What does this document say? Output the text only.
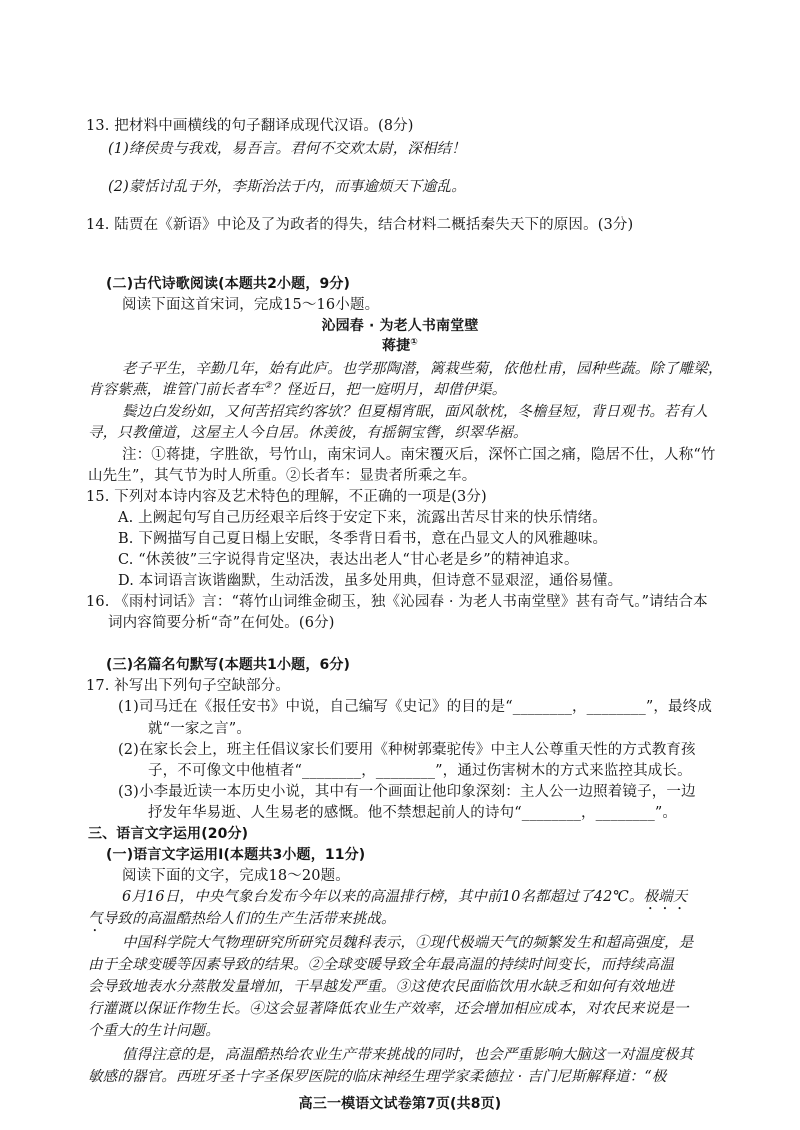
13. 把材料中画横线的句子翻译成现代汉语。(8分)
(1)绛侯贵与我戏，易吾言。君何不交欢太尉，深相结！
(2)蒙恬讨乱于外，李斯治法于内，而事逾烦天下逾乱。
14. 陆贾在《新语》中论及了为政者的得失，结合材料二概括秦失天下的原因。(3分)
(二)古代诗歌阅读(本题共2小题，9分)
阅读下面这首宋词，完成15～16小题。
沁园春 · 为老人书南堂壁
蒋捷①
老子平生，辛勤几年，始有此庐。也学那陶潜，篱栽些菊，依他杜甫，园种些蔬。除了雕梁，
肯容紫燕，谁管门前长者车②？怪近日，把一庭明月，却借伊渠。
鬓边白发纷如，又何苦招宾约客欤？但夏榻宵眠，面风欹枕，冬檐昼短，背日观书。若有人
寻，只教僮道，这屋主人今自居。休羡彼，有摇铜宝辔，织翠华裾。
注：①蒋捷，字胜欲，号竹山，南宋词人。南宋覆灭后，深怀亡国之痛，隐居不仕，人称“竹
山先生”，其气节为时人所重。②长者车：显贵者所乘之车。
15. 下列对本诗内容及艺术特色的理解，不正确的一项是(3分)
A. 上阙起句写自己历经艰辛后终于安定下来，流露出苦尽甘来的快乐情绪。
B. 下阙描写自己夏日榻上安眠，冬季背日看书，意在凸显文人的风雅趣味。
C. “休羡彼”三字说得肯定坚决，表达出老人“甘心老是乡”的精神追求。
D. 本词语言诙谐幽默，生动活泼，虽多处用典，但诗意不显艰涩，通俗易懂。
16. 《雨村词话》言：“蒋竹山词维金砌玉，独《沁园春 · 为老人书南堂壁》甚有奇气。”请结合本
词内容简要分析“奇”在何处。(6分)
(三)名篇名句默写(本题共1小题，6分)
17. 补写出下列句子空缺部分。
(1)司马迁在《报任安书》中说，自己编写《史记》的目的是“________，________”，最终成
就“一家之言”。
(2)在家长会上，班主任倡议家长们要用《种树郭橐驼传》中主人公尊重天性的方式教育孩
子，不可像文中他植者“________，________”，通过伤害树木的方式来监控其成长。
(3)小李最近读一本历史小说，其中有一个画面让他印象深刻：主人公一边照着镜子，一边
抒发年华易逝、人生易老的感慨。他不禁想起前人的诗句“________，________”。
三、语言文字运用(20分)
(一)语言文字运用Ⅰ(本题共3小题，11分)
阅读下面的文字，完成18～20题。
6月16日，中央气象台发布今年以来的高温排行榜，其中前10名都超过了42℃。极端天
气导致的高温酷热给人们的生产生活带来挑战。
中国科学院大气物理研究所研究员魏科表示，①现代极端天气的频繁发生和超高强度，是
由于全球变暖等因素导致的结果。②全球变暖导致全年最高温的持续时间变长，而持续高温
会导致地表水分蒸散发量增加，干旱越发严重。③这使农民面临饮用水缺乏和如何有效地进
行灌溉以保证作物生长。④这会显著降低农业生产效率，还会增加相应成本，对农民来说是一
个重大的生计问题。
值得注意的是，高温酷热给农业生产带来挑战的同时，也会严重影响大脑这一对温度极其
敏感的器官。西班牙圣十字圣保罗医院的临床神经生理学家柔德拉 · 吉门尼斯解释道：“极
高三一模语文试卷第7页(共8页)
